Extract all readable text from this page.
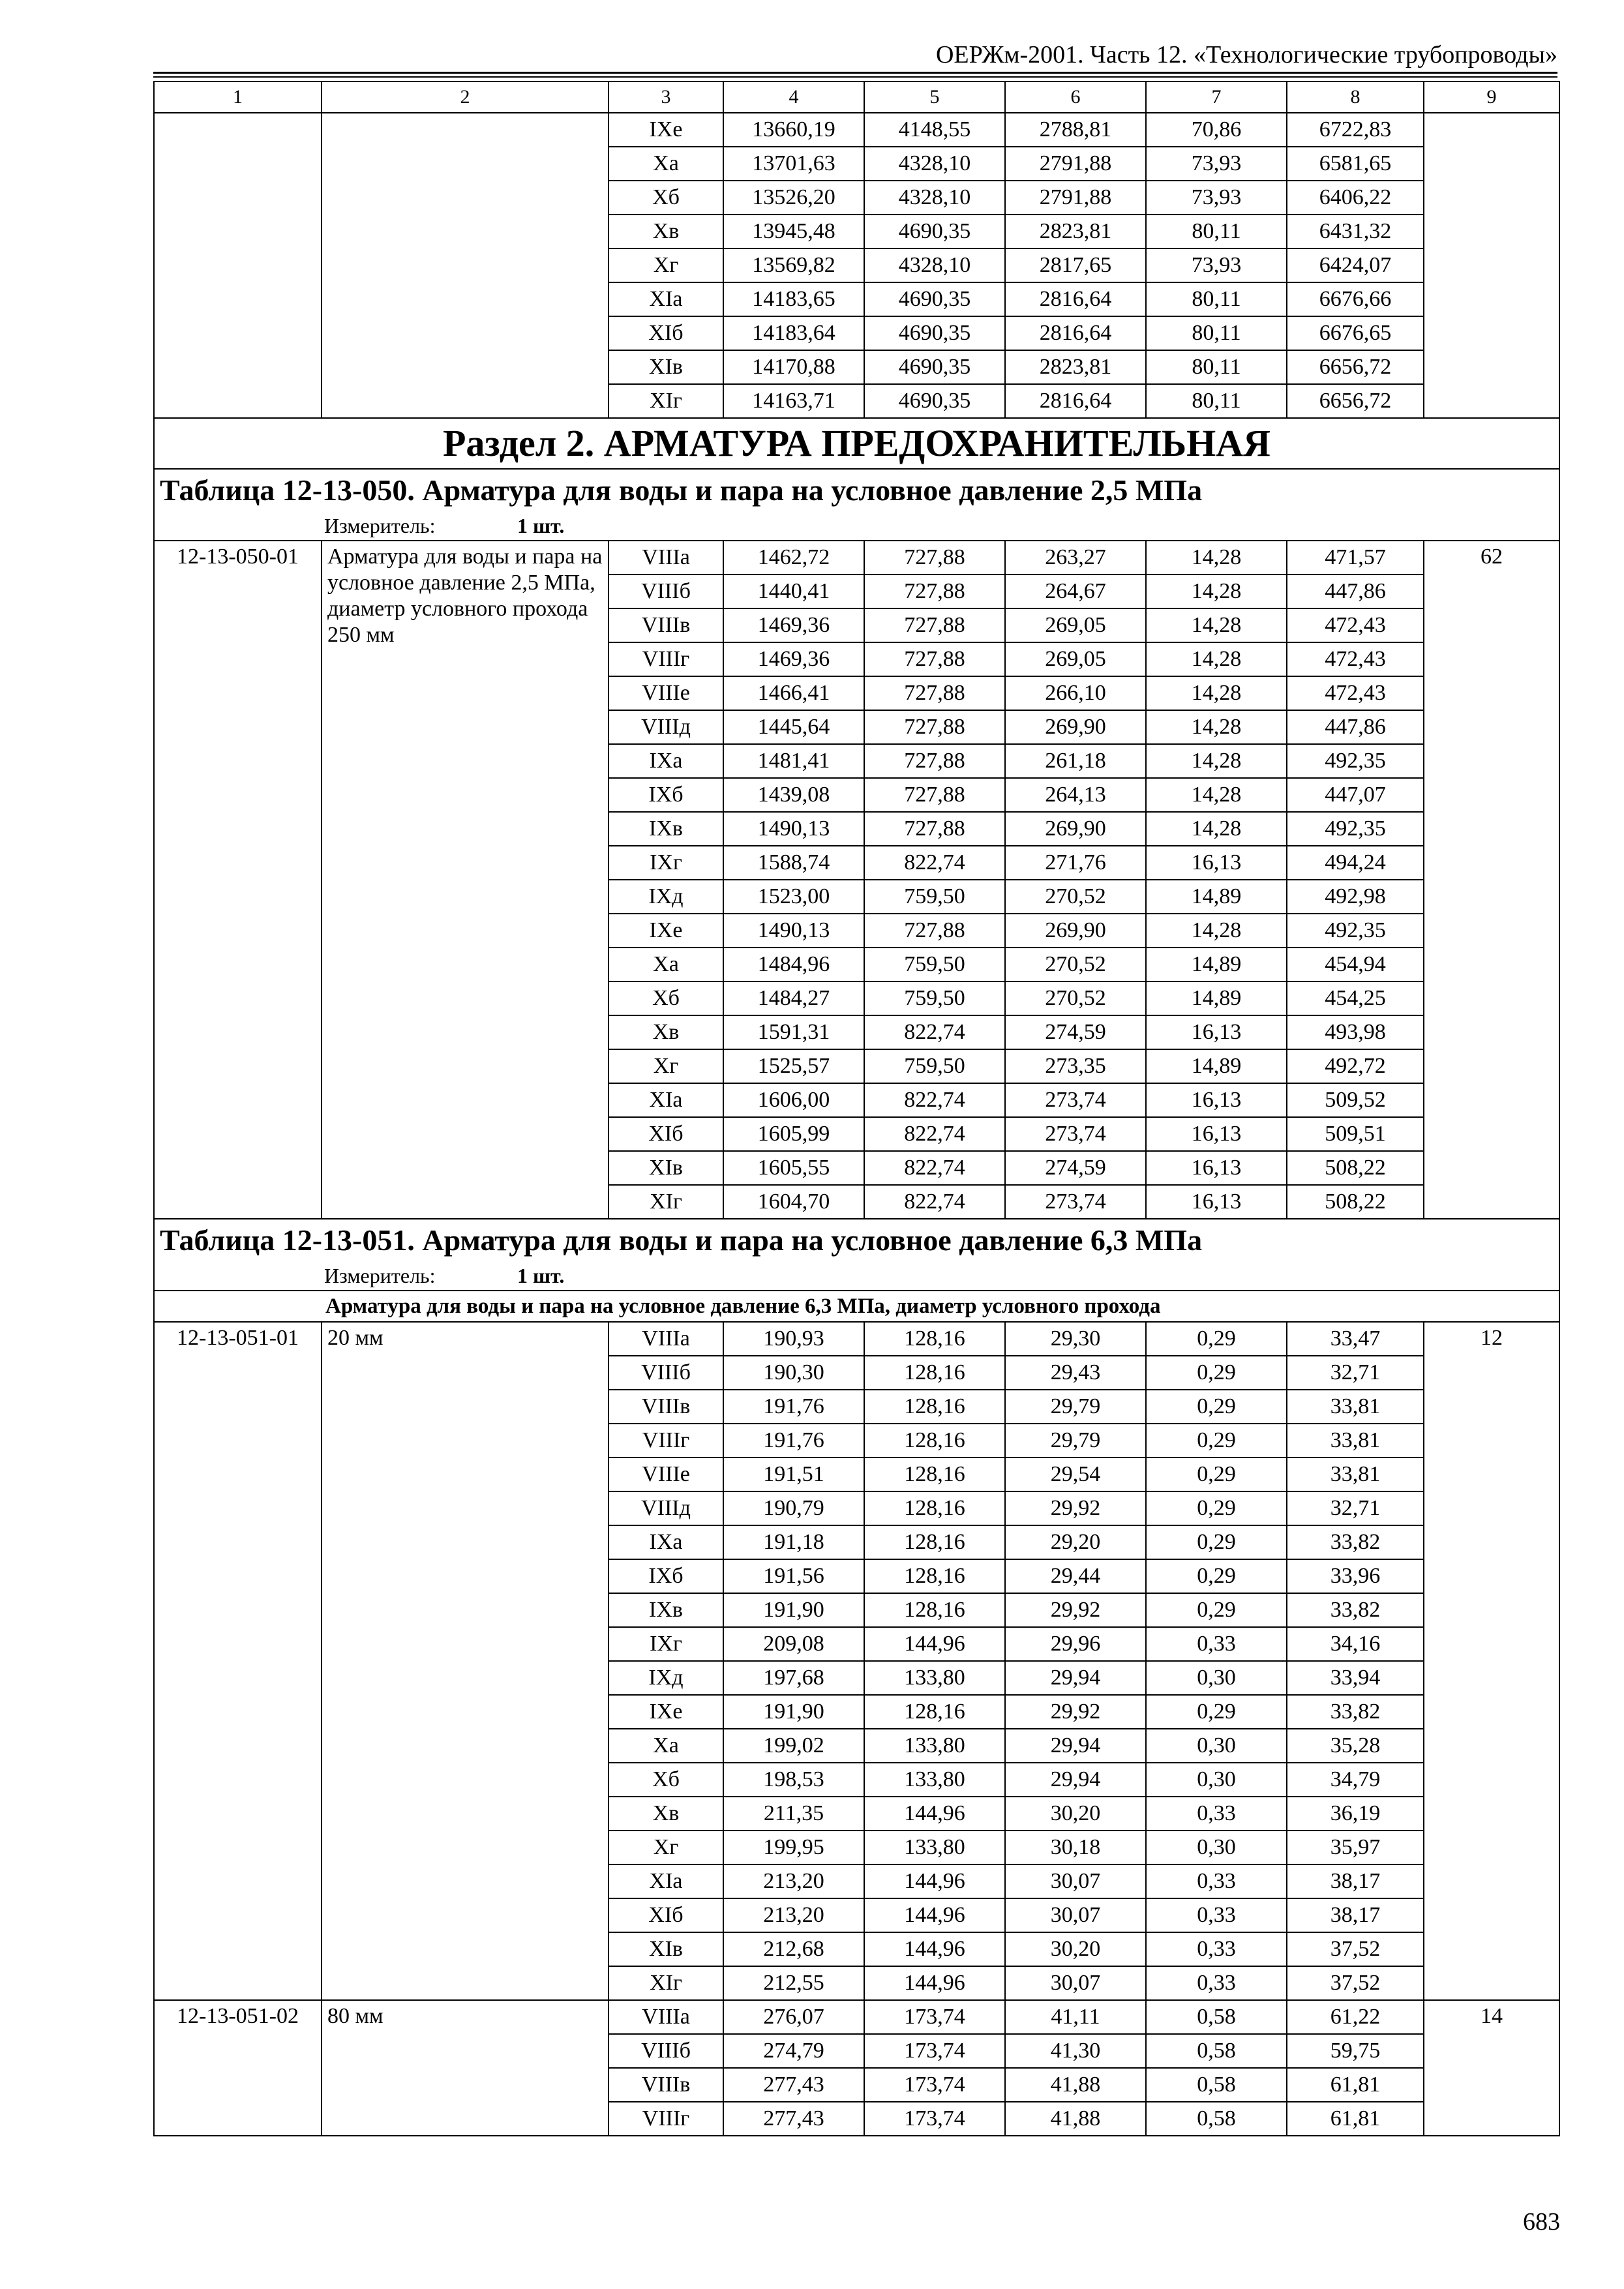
ОЕРЖм-2001. Часть 12. «Технологические трубопроводы»
1	2	3	4	5	6	7	8	9
		IXе	13660,19	4148,55	2788,81	70,86	6722,83	
		Xа	13701,63	4328,10	2791,88	73,93	6581,65	
		Xб	13526,20	4328,10	2791,88	73,93	6406,22	
		Xв	13945,48	4690,35	2823,81	80,11	6431,32	
		Xг	13569,82	4328,10	2817,65	73,93	6424,07	
		XIа	14183,65	4690,35	2816,64	80,11	6676,66	
		XIб	14183,64	4690,35	2816,64	80,11	6676,65	
		XIв	14170,88	4690,35	2823,81	80,11	6656,72	
		XIг	14163,71	4690,35	2816,64	80,11	6656,72	
Раздел 2. АРМАТУРА ПРЕДОХРАНИТЕЛЬНАЯ								
Таблица 12-13-050. Арматура для воды и пара на условное давление 2,5 МПа								
Измеритель: 1 шт.								
12-13-050-01	Арматура для воды и пара на условное давление 2,5 МПа, диаметр условного прохода 250 мм	VIIIа	1462,72	727,88	263,27	14,28	471,57	62
		VIIIб	1440,41	727,88	264,67	14,28	447,86	
		VIIIв	1469,36	727,88	269,05	14,28	472,43	
		VIIIг	1469,36	727,88	269,05	14,28	472,43	
		VIIIе	1466,41	727,88	266,10	14,28	472,43	
		VIIIд	1445,64	727,88	269,90	14,28	447,86	
		IXа	1481,41	727,88	261,18	14,28	492,35	
		IXб	1439,08	727,88	264,13	14,28	447,07	
		IXв	1490,13	727,88	269,90	14,28	492,35	
		IXг	1588,74	822,74	271,76	16,13	494,24	
		IXд	1523,00	759,50	270,52	14,89	492,98	
		IXе	1490,13	727,88	269,90	14,28	492,35	
		Xа	1484,96	759,50	270,52	14,89	454,94	
		Xб	1484,27	759,50	270,52	14,89	454,25	
		Xв	1591,31	822,74	274,59	16,13	493,98	
		Xг	1525,57	759,50	273,35	14,89	492,72	
		XIа	1606,00	822,74	273,74	16,13	509,52	
		XIб	1605,99	822,74	273,74	16,13	509,51	
		XIв	1605,55	822,74	274,59	16,13	508,22	
		XIг	1604,70	822,74	273,74	16,13	508,22	
Таблица 12-13-051. Арматура для воды и пара на условное давление 6,3 МПа								
Измеритель: 1 шт.								
Арматура для воды и пара на условное давление 6,3 МПа, диаметр условного прохода								
12-13-051-01	20 мм	VIIIа	190,93	128,16	29,30	0,29	33,47	12
		VIIIб	190,30	128,16	29,43	0,29	32,71	
		VIIIв	191,76	128,16	29,79	0,29	33,81	
		VIIIг	191,76	128,16	29,79	0,29	33,81	
		VIIIе	191,51	128,16	29,54	0,29	33,81	
		VIIIд	190,79	128,16	29,92	0,29	32,71	
		IXа	191,18	128,16	29,20	0,29	33,82	
		IXб	191,56	128,16	29,44	0,29	33,96	
		IXв	191,90	128,16	29,92	0,29	33,82	
		IXг	209,08	144,96	29,96	0,33	34,16	
		IXд	197,68	133,80	29,94	0,30	33,94	
		IXе	191,90	128,16	29,92	0,29	33,82	
		Xа	199,02	133,80	29,94	0,30	35,28	
		Xб	198,53	133,80	29,94	0,30	34,79	
		Xв	211,35	144,96	30,20	0,33	36,19	
		Xг	199,95	133,80	30,18	0,30	35,97	
		XIа	213,20	144,96	30,07	0,33	38,17	
		XIб	213,20	144,96	30,07	0,33	38,17	
		XIв	212,68	144,96	30,20	0,33	37,52	
		XIг	212,55	144,96	30,07	0,33	37,52	
12-13-051-02	80 мм	VIIIа	276,07	173,74	41,11	0,58	61,22	14
		VIIIб	274,79	173,74	41,30	0,58	59,75	
		VIIIв	277,43	173,74	41,88	0,58	61,81	
		VIIIг	277,43	173,74	41,88	0,58	61,81	
683
